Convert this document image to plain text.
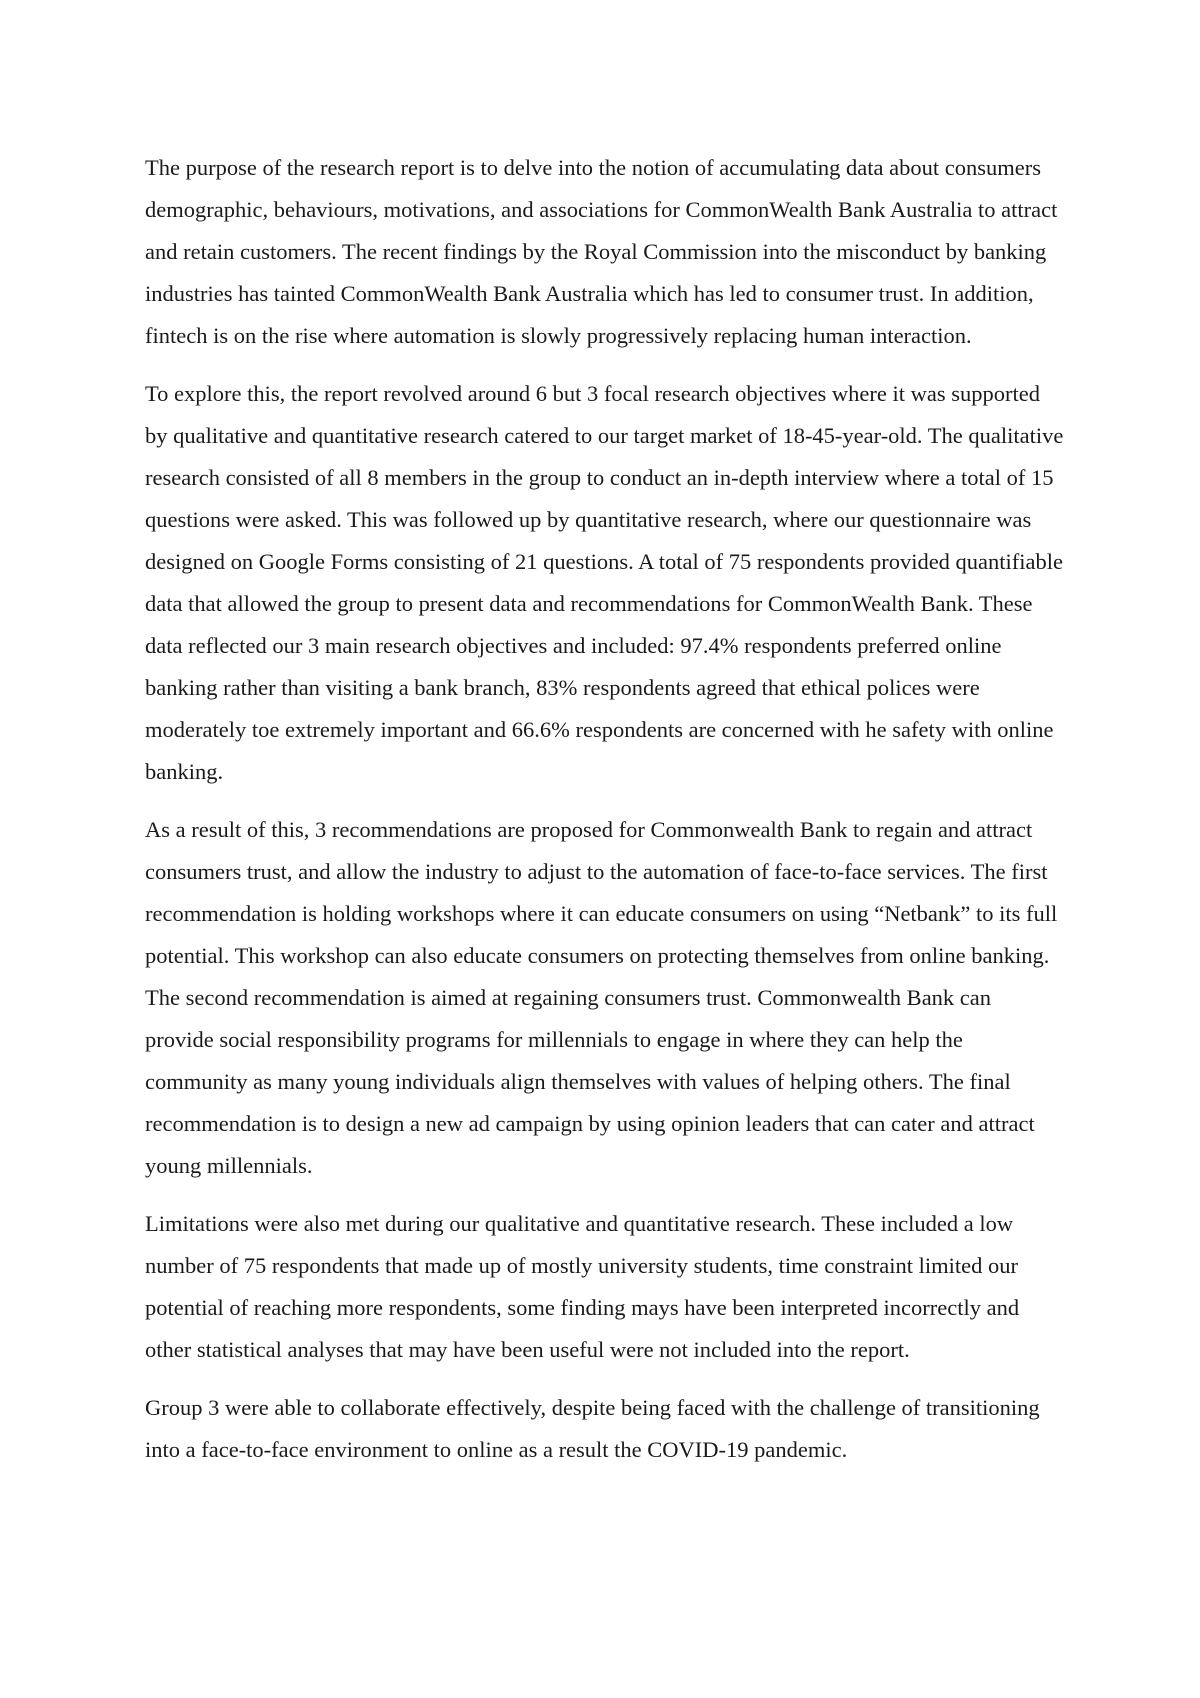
The purpose of the research report is to delve into the notion of accumulating data about consumers demographic, behaviours, motivations, and associations for CommonWealth Bank Australia to attract and retain customers. The recent findings by the Royal Commission into the misconduct by banking industries has tainted CommonWealth Bank Australia which has led to consumer trust. In addition, fintech is on the rise where automation is slowly progressively replacing human interaction.

To explore this, the report revolved around 6 but 3 focal research objectives where it was supported by qualitative and quantitative research catered to our target market of 18-45-year-old. The qualitative research consisted of all 8 members in the group to conduct an in-depth interview where a total of 15 questions were asked. This was followed up by quantitative research, where our questionnaire was designed on Google Forms consisting of 21 questions. A total of 75 respondents provided quantifiable data that allowed the group to present data and recommendations for CommonWealth Bank. These data reflected our 3 main research objectives and included: 97.4% respondents preferred online banking rather than visiting a bank branch, 83% respondents agreed that ethical polices were moderately toe extremely important and 66.6% respondents are concerned with he safety with online banking.

As a result of this, 3 recommendations are proposed for Commonwealth Bank to regain and attract consumers trust, and allow the industry to adjust to the automation of face-to-face services. The first recommendation is holding workshops where it can educate consumers on using “Netbank” to its full potential. This workshop can also educate consumers on protecting themselves from online banking. The second recommendation is aimed at regaining consumers trust. Commonwealth Bank can provide social responsibility programs for millennials to engage in where they can help the community as many young individuals align themselves with values of helping others. The final recommendation is to design a new ad campaign by using opinion leaders that can cater and attract young millennials.

Limitations were also met during our qualitative and quantitative research. These included a low number of 75 respondents that made up of mostly university students, time constraint limited our potential of reaching more respondents, some finding mays have been interpreted incorrectly and other statistical analyses that may have been useful were not included into the report.

Group 3 were able to collaborate effectively, despite being faced with the challenge of transitioning into a face-to-face environment to online as a result the COVID-19 pandemic.
